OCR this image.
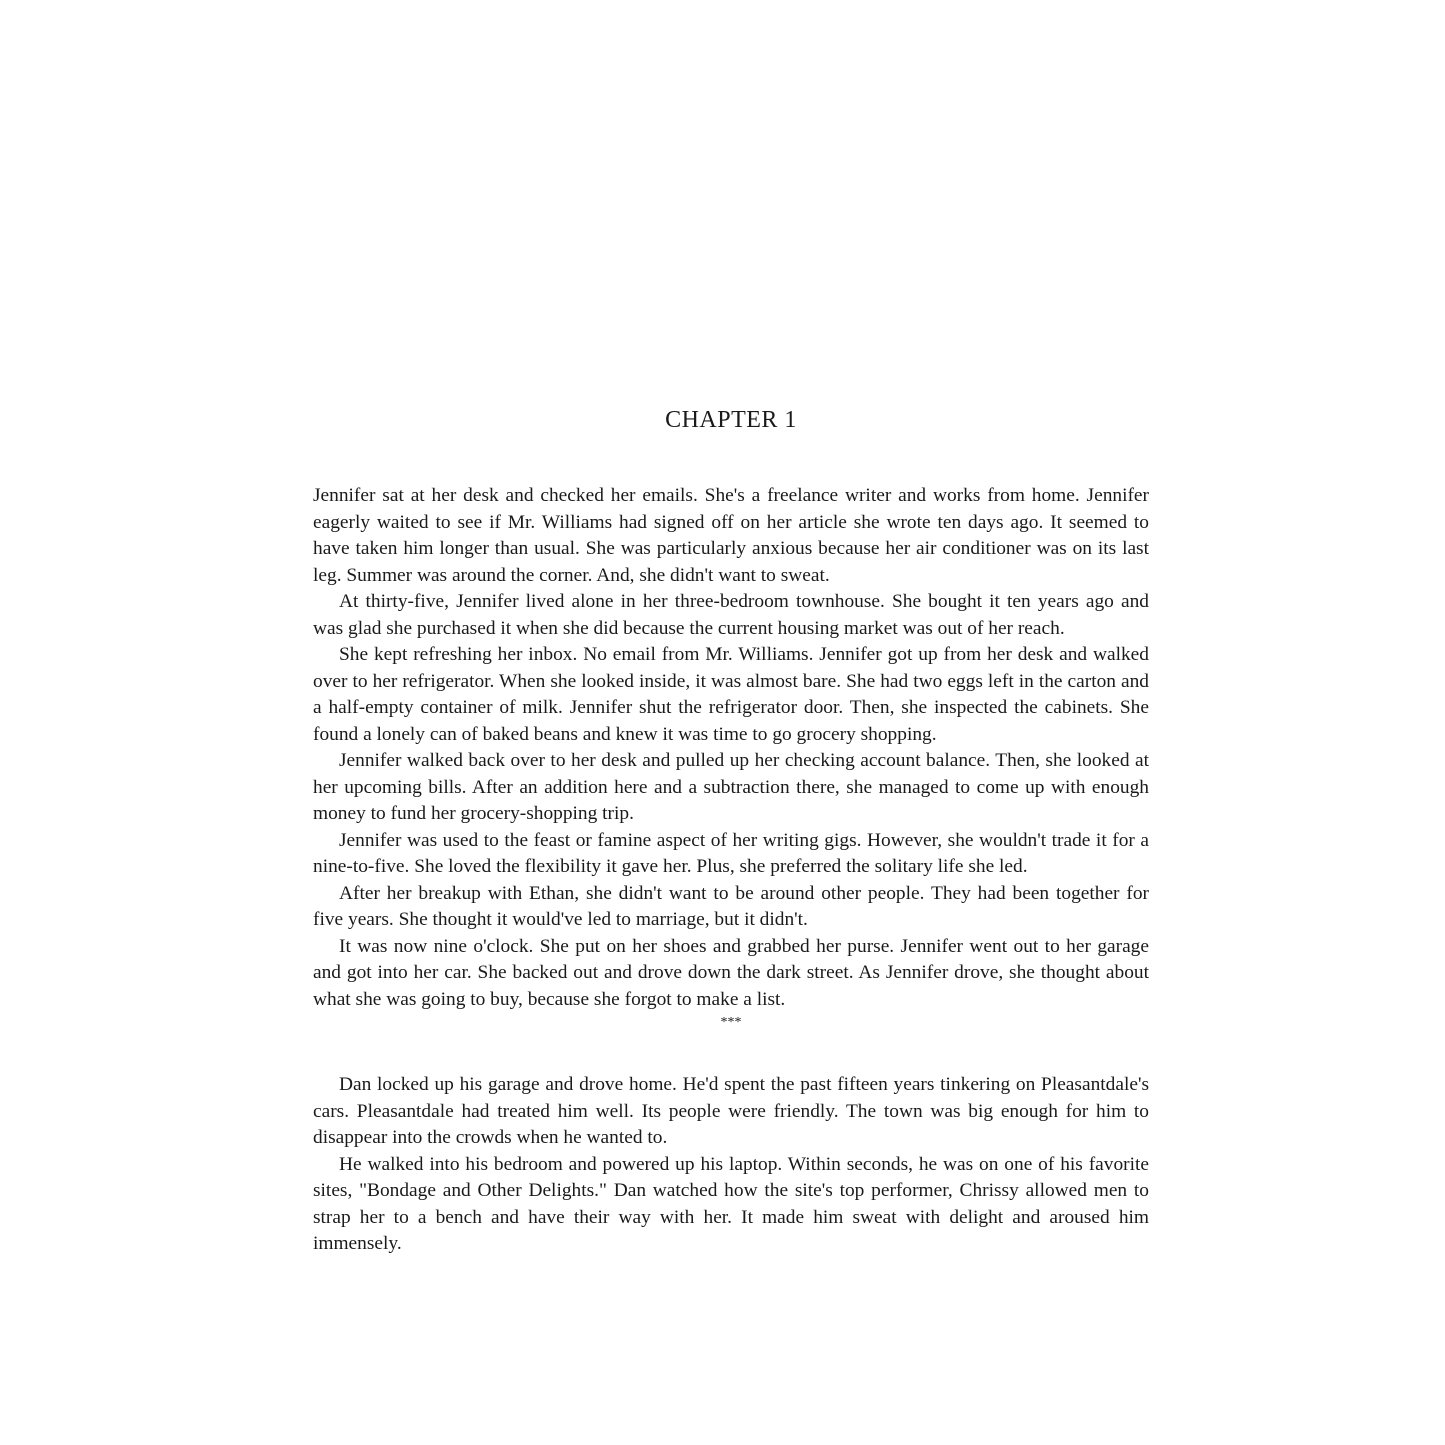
CHAPTER 1

Jennifer sat at her desk and checked her emails. She's a freelance writer and works from home. Jennifer eagerly waited to see if Mr. Williams had signed off on her article she wrote ten days ago. It seemed to have taken him longer than usual. She was particularly anxious because her air conditioner was on its last leg. Summer was around the corner. And, she didn't want to sweat.

At thirty-five, Jennifer lived alone in her three-bedroom townhouse. She bought it ten years ago and was glad she purchased it when she did because the current housing market was out of her reach.

She kept refreshing her inbox. No email from Mr. Williams. Jennifer got up from her desk and walked over to her refrigerator. When she looked inside, it was almost bare. She had two eggs left in the carton and a half-empty container of milk. Jennifer shut the refrigerator door. Then, she inspected the cabinets. She found a lonely can of baked beans and knew it was time to go grocery shopping.

Jennifer walked back over to her desk and pulled up her checking account balance. Then, she looked at her upcoming bills. After an addition here and a subtraction there, she managed to come up with enough money to fund her grocery-shopping trip.

Jennifer was used to the feast or famine aspect of her writing gigs. However, she wouldn't trade it for a nine-to-five. She loved the flexibility it gave her. Plus, she preferred the solitary life she led.

After her breakup with Ethan, she didn't want to be around other people. They had been together for five years. She thought it would've led to marriage, but it didn't.

It was now nine o'clock. She put on her shoes and grabbed her purse. Jennifer went out to her garage and got into her car. She backed out and drove down the dark street. As Jennifer drove, she thought about what she was going to buy, because she forgot to make a list.

***

Dan locked up his garage and drove home. He'd spent the past fifteen years tinkering on Pleasantdale's cars. Pleasantdale had treated him well. Its people were friendly. The town was big enough for him to disappear into the crowds when he wanted to.

He walked into his bedroom and powered up his laptop. Within seconds, he was on one of his favorite sites, "Bondage and Other Delights." Dan watched how the site's top performer, Chrissy allowed men to strap her to a bench and have their way with her. It made him sweat with delight and aroused him immensely.
